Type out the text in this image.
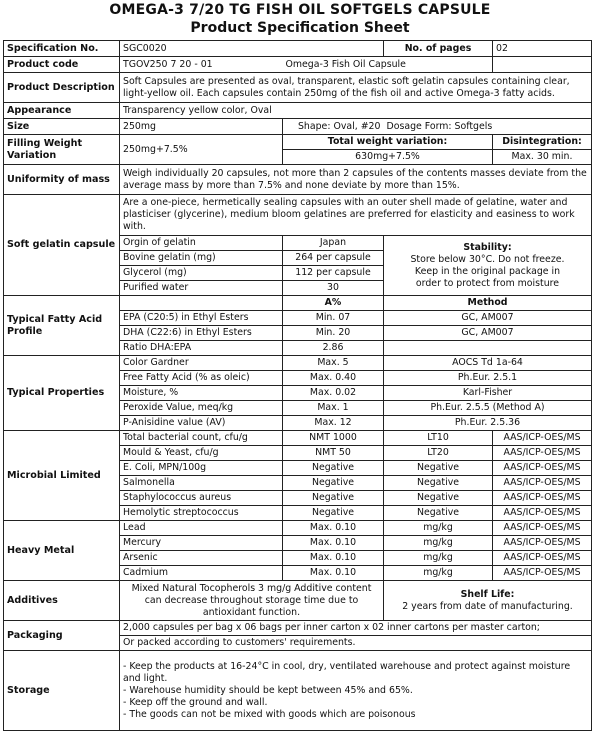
OMEGA-3 7/20 TG FISH OIL SOFTGELS CAPSULE
Product Specification Sheet
Specification No.	SGC0020		No. of pages	02
Product code	TGOV250 7 20 - 01	Omega-3 Fish Oil Capsule		
Product Description	Soft Capsules are presented as oval, transparent, elastic soft gelatin capsules containing clear, light-yellow oil. Each capsules contain 250mg of the fish oil and active Omega-3 fatty acids.			
Appearance	Transparency yellow color, Oval			
Size	250mg	Shape: Oval, #20	Dosage Form: Softgels	
Filling Weight Variation	250mg+7.5%	Total weight variation:		Disintegration:
		630mg+7.5%		Max. 30 min.
Uniformity of mass	Weigh individually 20 capsules, not more than 2 capsules of the contents masses deviate from the average mass by more than 7.5% and none deviate by more than 15%.			
Soft gelatin capsule	Are a one-piece, hermetically sealing capsules with an outer shell made of gelatine, water and plasticiser (glycerine), medium bloom gelatines are preferred for elasticity and easiness to work with.			
	Orgin of gelatin	Japan	Stability:
Store below 30°C. Do not freeze. Keep in the original package in order to protect from moisture	

	Bovine gelatin (mg)	264 per capsule		
	Glycerol (mg)	112 per capsule		
	Purified water	30		
Typical Fatty Acid Profile		A%	Method	
	EPA (C20:5) in Ethyl Esters	Min. 07	GC, AM007	
	DHA (C22:6) in Ethyl Esters	Min. 20	GC, AM007	
	Ratio DHA:EPA	2.86		
Typical Properties	Color Gardner	Max. 5	AOCS Td 1a-64	
	Free Fatty Acid (% as oleic)	Max. 0.40	Ph.Eur. 2.5.1	
	Moisture, %	Max. 0.02	Karl-Fisher	
	Peroxide Value, meq/kg	Max. 1	Ph.Eur. 2.5.5 (Method A)	
	P-Anisidine value (AV)	Max. 12	Ph.Eur. 2.5.36	
Microbial Limited	Total bacterial count, cfu/g	NMT 1000	LT10	AAS/ICP-OES/MS
	Mould & Yeast, cfu/g	NMT 50	LT20	AAS/ICP-OES/MS
	E. Coli, MPN/100g	Negative	Negative	AAS/ICP-OES/MS
	Salmonella	Negative	Negative	AAS/ICP-OES/MS
	Staphylococcus aureus	Negative	Negative	AAS/ICP-OES/MS
	Hemolytic streptococcus	Negative	Negative	AAS/ICP-OES/MS
Heavy Metal	Lead	Max. 0.10	mg/kg	AAS/ICP-OES/MS
	Mercury	Max. 0.10	mg/kg	AAS/ICP-OES/MS
	Arsenic	Max. 0.10	mg/kg	AAS/ICP-OES/MS
	Cadmium	Max. 0.10	mg/kg	AAS/ICP-OES/MS
Additives	Mixed Natural Tocopherols 3 mg/g Additive content can decrease throughout storage time due to antioxidant function.		Shelf Life:
2 years from date of manufacturing.	

Packaging	2,000 capsules per bag x 06 bags per inner carton x 02 inner cartons per master carton;			
	Or packed according to customers' requirements.			
Storage	- Keep the products at 16-24°C in cool, dry, ventilated warehouse and protect against moisture and light.
- Warehouse humidity should be kept between 45% and 65%.
- Keep off the ground and wall.
- The goods can not be mixed with goods which are poisonous			
